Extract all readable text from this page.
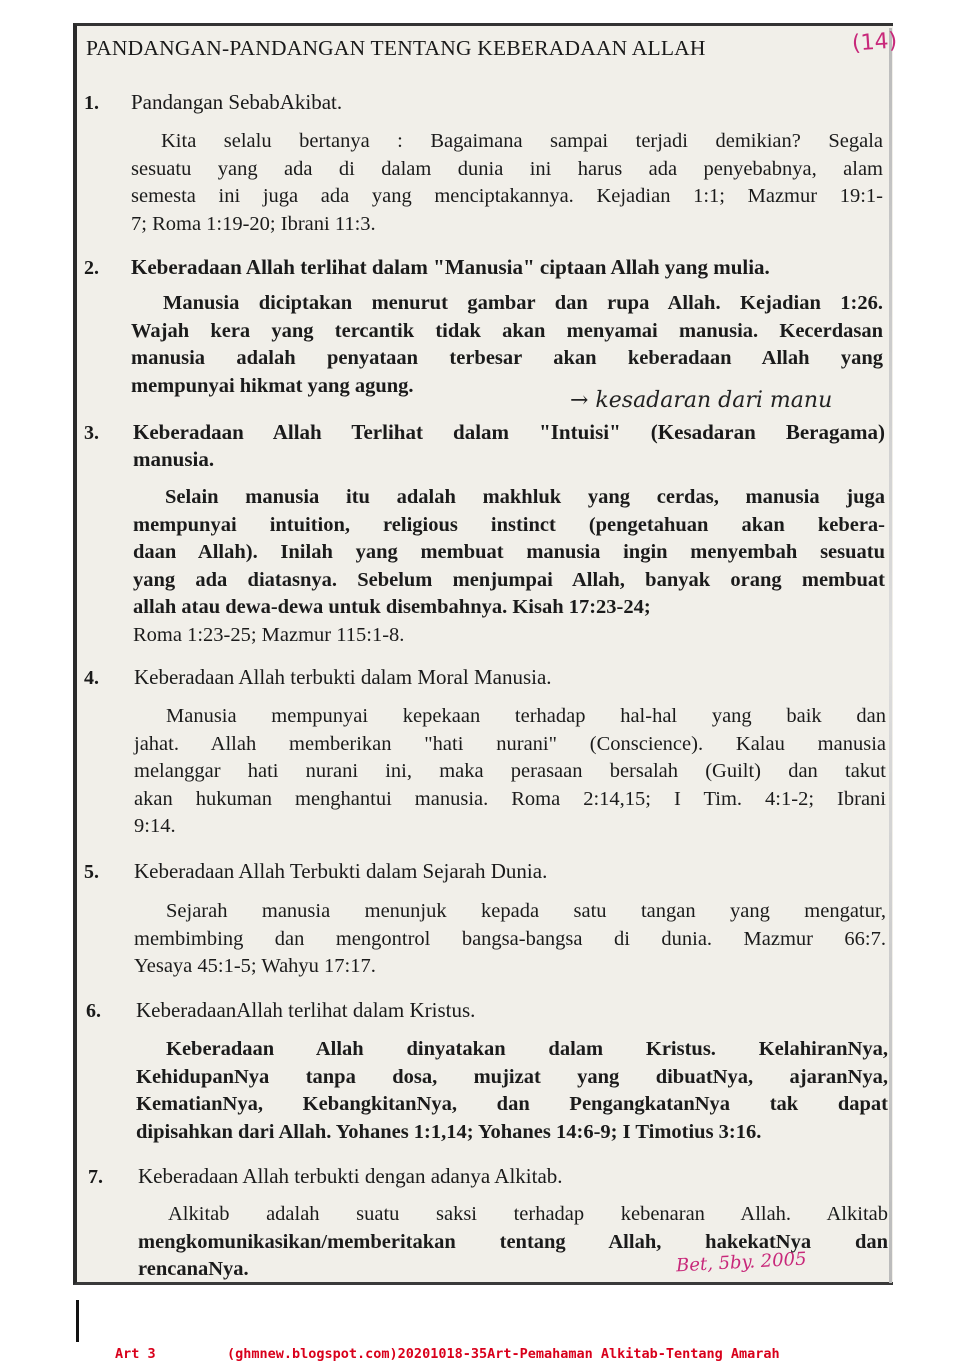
PANDANGAN-PANDANGAN TENTANG KEBERADAAN ALLAH	(14)
1. Pandangan SebabAkibat.

Kita selalu bertanya : Bagaimana sampai terjadi demikian? Segala

sesuatu yang ada di dalam dunia ini harus ada penyebabnya, alam

semesta ini juga ada yang menciptakannya. Kejadian 1:1; Mazmur 19:1-

7; Roma 1:19-20; Ibrani 11:3.

2. Keberadaan Allah terlihat dalam "Manusia" ciptaan Allah yang mulia.

Manusia diciptakan menurut gambar dan rupa Allah. Kejadian 1:26.

Wajah kera yang tercantik tidak akan menyamai manusia. Kecerdasan

manusia adalah penyataan terbesar akan keberadaan Allah yang

mempunyai hikmat yang agung.

→ kesadaran dari manu
3. Keberadaan Allah Terlihat dalam "Intuisi" (Kesadaran Beragama)
manusia.

Selain manusia itu adalah makhluk yang cerdas, manusia juga

mempunyai intuition, religious instinct (pengetahuan akan kebera-

daan Allah). Inilah yang membuat manusia ingin menyembah sesuatu

yang ada diatasnya. Sebelum menjumpai Allah, banyak orang membuat

allah atau dewa-dewa untuk disembahnya. Kisah 17:23-24;

Roma 1:23-25; Mazmur 115:1-8.

4. Keberadaan Allah terbukti dalam Moral Manusia.

Manusia mempunyai kepekaan terhadap hal-hal yang baik dan

jahat. Allah memberikan "hati nurani" (Conscience). Kalau manusia

melanggar hati nurani ini, maka perasaan bersalah (Guilt) dan takut

akan hukuman menghantui manusia. Roma 2:14,15; I Tim. 4:1-2; Ibrani

9:14.

5. Keberadaan Allah Terbukti dalam Sejarah Dunia.

Sejarah manusia menunjuk kepada satu tangan yang mengatur,

membimbing dan mengontrol bangsa-bangsa di dunia. Mazmur 66:7.

Yesaya 45:1-5; Wahyu 17:17.

6. KeberadaanAllah terlihat dalam Kristus.

Keberadaan Allah dinyatakan dalam Kristus. KelahiranNya,

KehidupanNya tanpa dosa, mujizat yang dibuatNya, ajaranNya,

KematianNya, KebangkitanNya, dan PengangkatanNya tak dapat

dipisahkan dari Allah. Yohanes 1:1,14; Yohanes 14:6-9; I Timotius 3:16.

7. Keberadaan Allah terbukti dengan adanya Alkitab.

Alkitab adalah suatu saksi terhadap kebenaran Allah. Alkitab

mengkomunikasikan/memberitakan tentang Allah, hakekatNya dan

rencanaNya.	Bet, 5by. 2005
Art 3	(ghmnew.blogspot.com)20201018-35Art-Pemahaman Alkitab-Tentang Amarah
